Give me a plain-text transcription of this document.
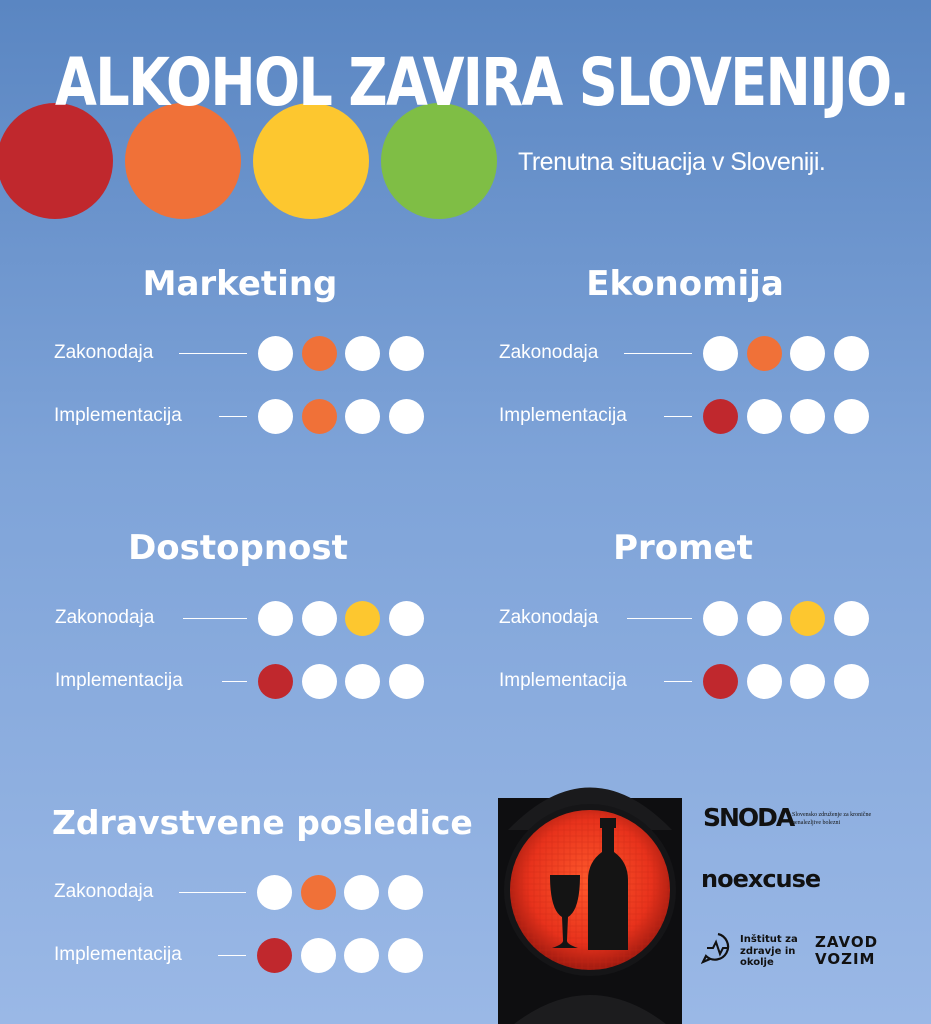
ALKOHOL ZAVIRA SLOVENIJO.
Trenutna situacija v Sloveniji.
Marketing
Zakonodaja
Implementacija
Ekonomija
Zakonodaja
Implementacija
Dostopnost
Zakonodaja
Implementacija
Promet
Zakonodaja
Implementacija
Zdravstvene posledice
Zakonodaja
Implementacija
SNODA
Slovensko združenje za kronične nenalezljive bolezni
noexcuse
Inštitut za zdravje in okolje
ZAVOD VOZIM
